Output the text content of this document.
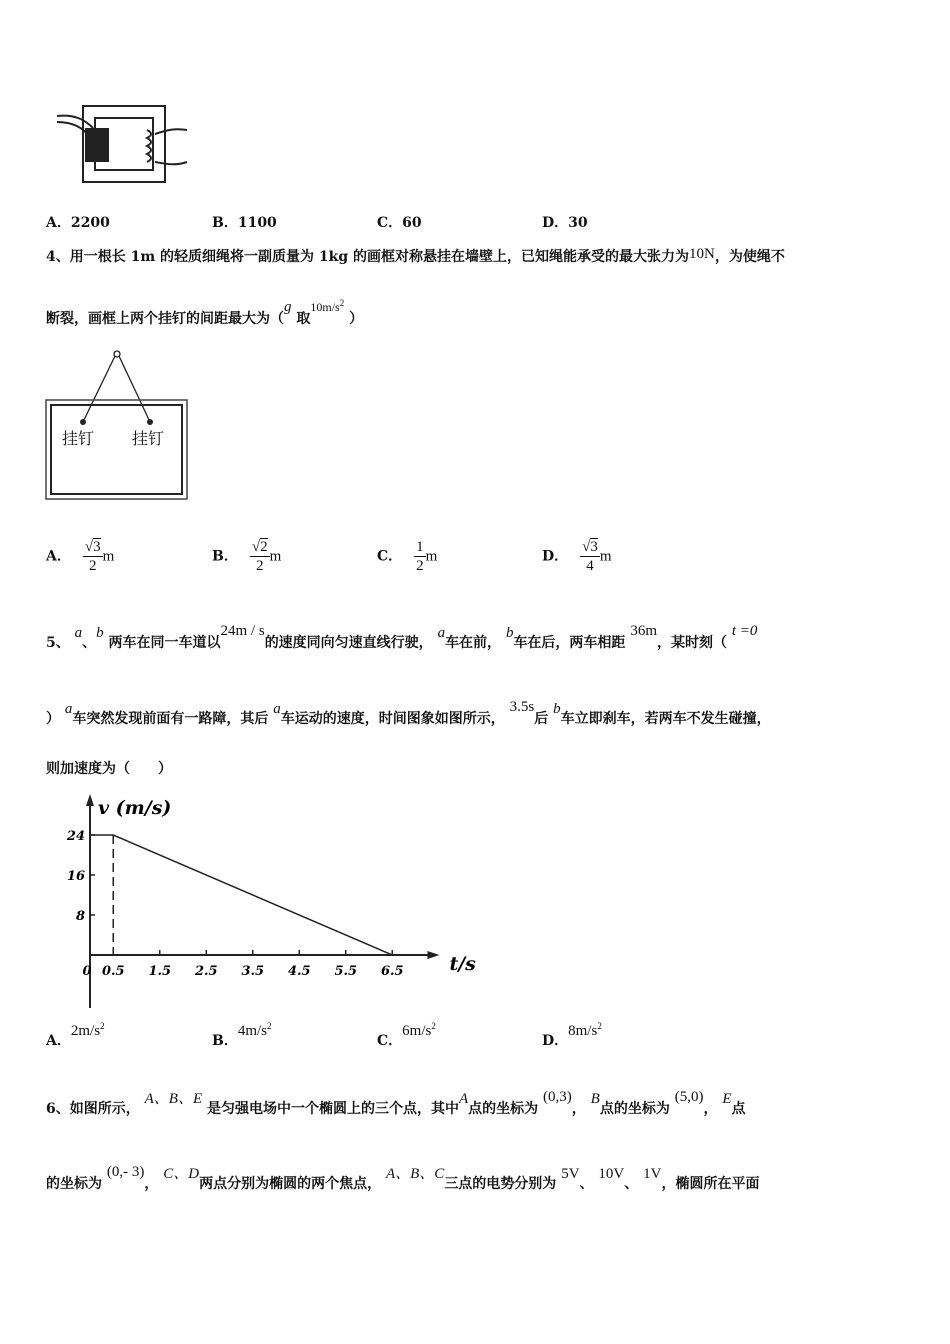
A．2200	B．1100	C．60	D．30
4、用一根长 1m 的轻质细绳将一副质量为 1kg 的画框对称悬挂在墙壁上，已知绳能承受的最大张力为10N，为使绳不
断裂，画框上两个挂钉的间距最大为（g 取$10m/s^2$ ）
挂钉 挂钉
A． $\frac{√3}{2}$ m	B． $\frac{√2}{2}$ m	C． $\frac{1}{2}$ m	D． $\frac{√3}{4}$ m
5、 a、b 两车在同一车道以24m / s的速度同向匀速直线行驶， a车在前， b车在后，两车相距 36m，某时刻（ t =0
） a车突然发现前面有一路障，其后 a车运动的速度，时间图象如图所示， 3.5s后 b车立即刹车，若两车不发生碰撞，
则加速度为（　　）
24
16
8
0 0.5 1.5 2.5 3.5 4.5 5.5 6.5
v (m/s)
t/s
A．$2m/s^2$
B．$4m/s^2$
C．$6m/s^2$
D．$8m/s^2$
6、如图所示， A、B、E 是匀强电场中一个椭圆上的三个点，其中A点的坐标为 (0,3)， B点的坐标为 (5,0)， E点
的坐标为 (0,- 3)， C、D两点分别为椭圆的两个焦点， A、B、C三点的电势分别为 5V、 10V、 1V，椭圆所在平面
